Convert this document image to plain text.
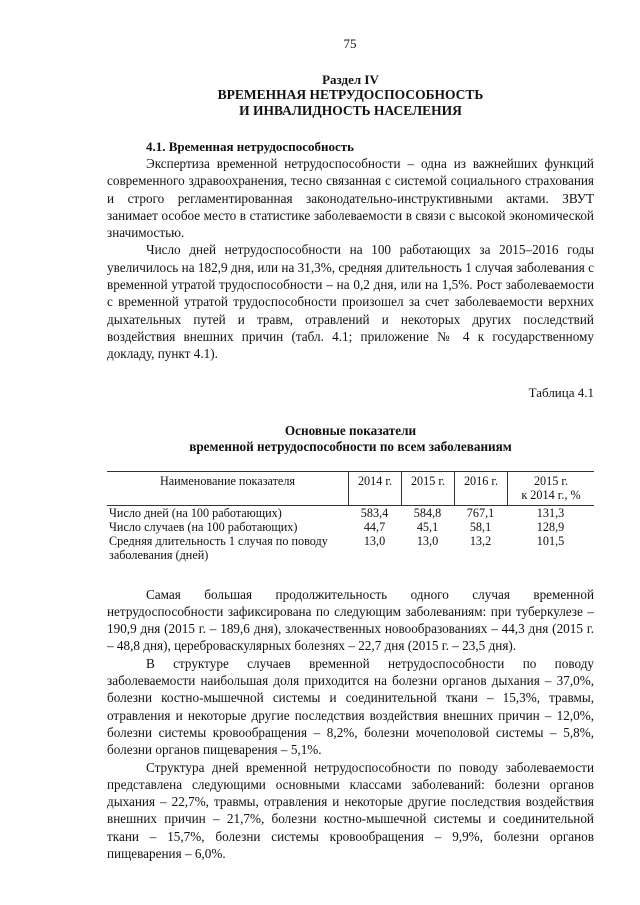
75
Раздел IV
ВРЕМЕННАЯ НЕТРУДОСПОСОБНОСТЬ
И ИНВАЛИДНОСТЬ НАСЕЛЕНИЯ
4.1. Временная нетрудоспособность

Экспертиза временной нетрудоспособности – одна из важнейших функций современного здравоохранения, тесно связанная с системой социального страхования и строго регламентированная законодательно-инструктивными актами. ЗВУТ занимает особое место в статистике заболеваемости в связи с высокой экономической значимостью.

Число дней нетрудоспособности на 100 работающих за 2015–2016 годы увеличилось на 182,9 дня, или на 31,3%, средняя длительность 1 случая заболевания с временной утратой трудоспособности – на 0,2 дня, или на 1,5%. Рост заболеваемости с временной утратой трудоспособности произошел за счет заболеваемости верхних дыхательных путей и травм, отравлений и некоторых других последствий воздействия внешних причин (табл. 4.1; приложение № 4 к государственному докладу, пункт 4.1).

Таблица 4.1
Основные показатели
временной нетрудоспособности по всем заболеваниям
Наименование показателя	2014 г.	2015 г.	2016 г.	2015 г.
к 2014 г., %

Число дней (на 100 работающих)	583,4	584,8	767,1	131,3
Число случаев (на 100 работающих)	44,7	45,1	58,1	128,9
Средняя длительность 1 случая по поводу заболевания (дней)	13,0	13,0	13,2	101,5

Самая большая продолжительность одного случая временной нетрудоспособности зафиксирована по следующим заболеваниям: при туберкулезе – 190,9 дня (2015 г. – 189,6 дня), злокачественных новообразованиях – 44,3 дня (2015 г. – 48,8 дня), цереброваскулярных болезнях – 22,7 дня (2015 г. – 23,5 дня).

В структуре случаев временной нетрудоспособности по поводу заболеваемости наибольшая доля приходится на болезни органов дыхания – 37,0%, болезни костно-мышечной системы и соединительной ткани – 15,3%, травмы, отравления и некоторые другие последствия воздействия внешних причин – 12,0%, болезни системы кровообращения – 8,2%, болезни мочеполовой системы – 5,8%, болезни органов пищеварения – 5,1%.

Структура дней временной нетрудоспособности по поводу заболеваемости представлена следующими основными классами заболеваний: болезни органов дыхания – 22,7%, травмы, отравления и некоторые другие последствия воздействия внешних причин – 21,7%, болезни костно-мышечной системы и соединительной ткани – 15,7%, болезни системы кровообращения – 9,9%, болезни органов пищеварения – 6,0%.
